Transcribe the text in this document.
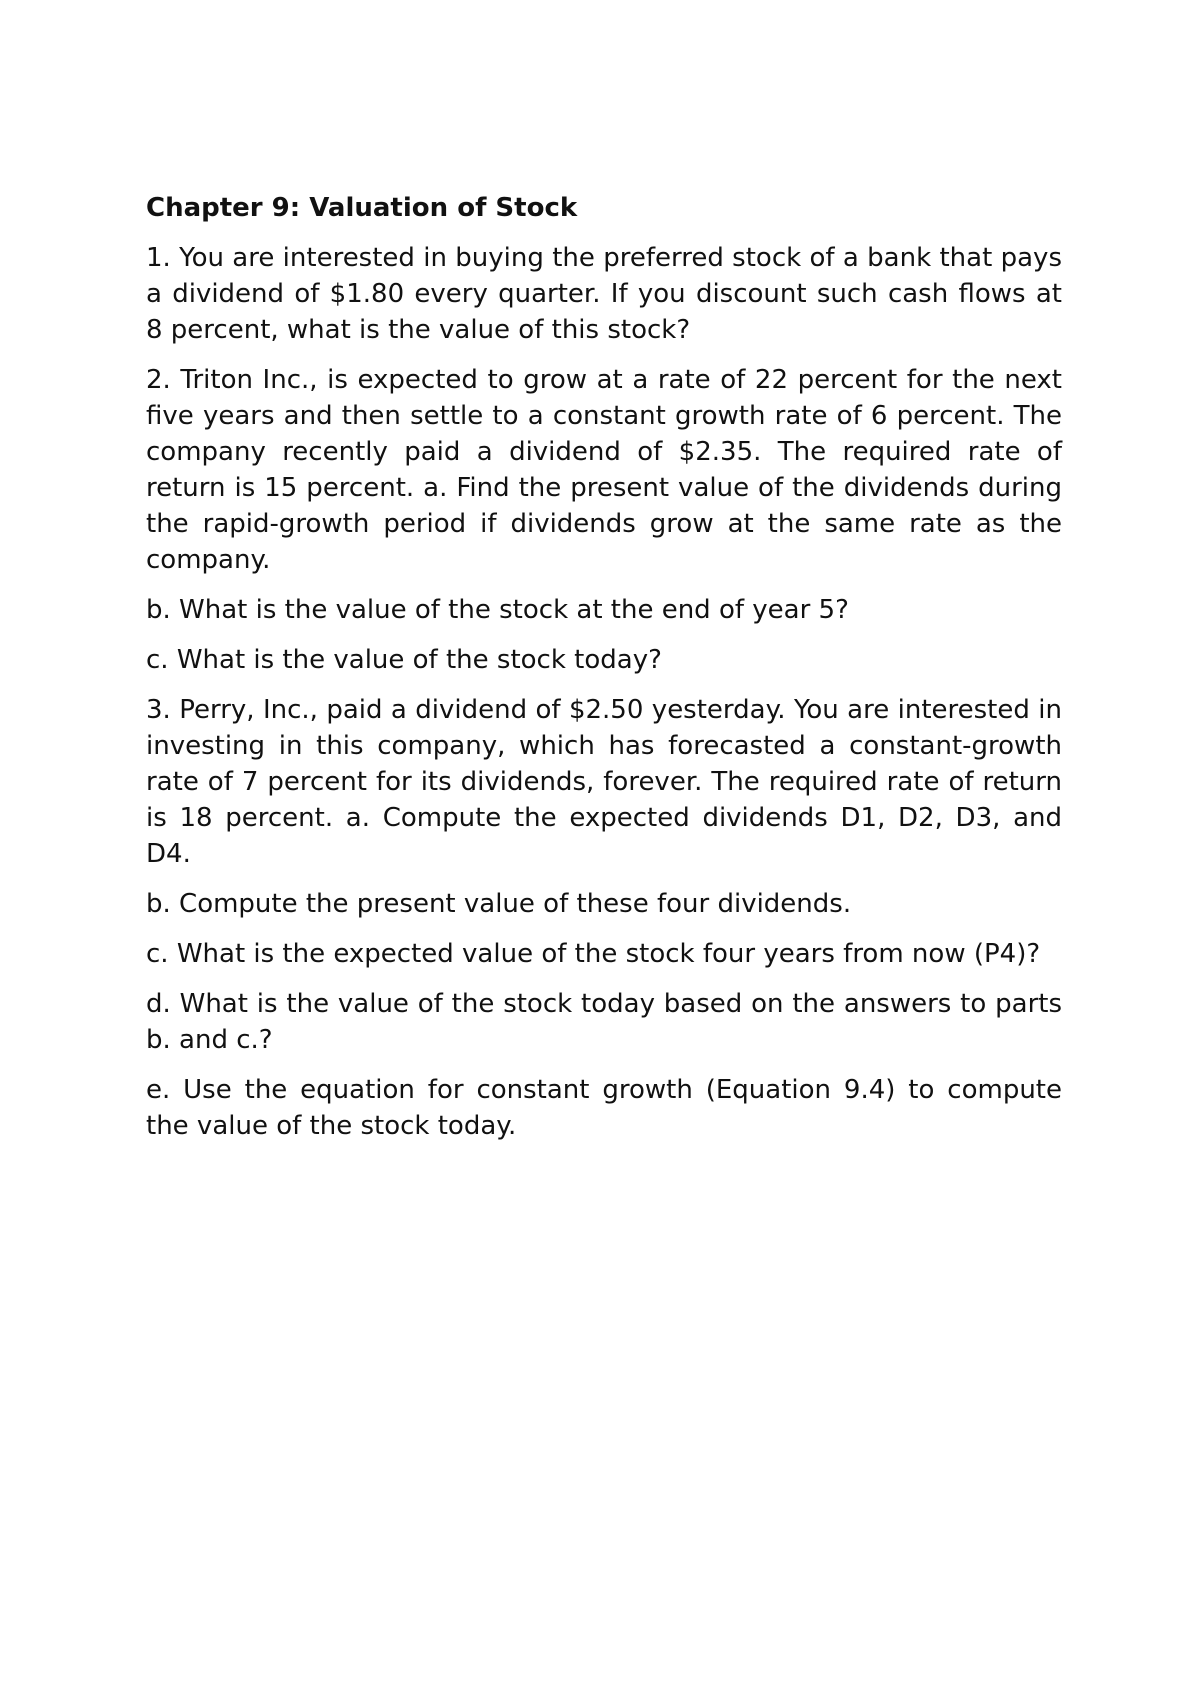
Chapter 9: Valuation of Stock

1. You are interested in buying the preferred stock of a bank that pays a dividend of $1.80 every quarter. If you discount such cash flows at 8 percent, what is the value of this stock?

2. Triton Inc., is expected to grow at a rate of 22 percent for the next five years and then settle to a constant growth rate of 6 percent. The company recently paid a dividend of $2.35. The required rate of return is 15 percent. a. Find the present value of the dividends during the rapid-growth period if dividends grow at the same rate as the company.

b. What is the value of the stock at the end of year 5?

c. What is the value of the stock today?

3. Perry, Inc., paid a dividend of $2.50 yesterday. You are interested in investing in this company, which has forecasted a constant-growth rate of 7 percent for its dividends, forever. The required rate of return is 18 percent. a. Compute the expected dividends D1, D2, D3, and D4.

b. Compute the present value of these four dividends.

c. What is the expected value of the stock four years from now (P4)?

d. What is the value of the stock today based on the answers to parts b. and c.?

e. Use the equation for constant growth (Equation 9.4) to compute the value of the stock today.
